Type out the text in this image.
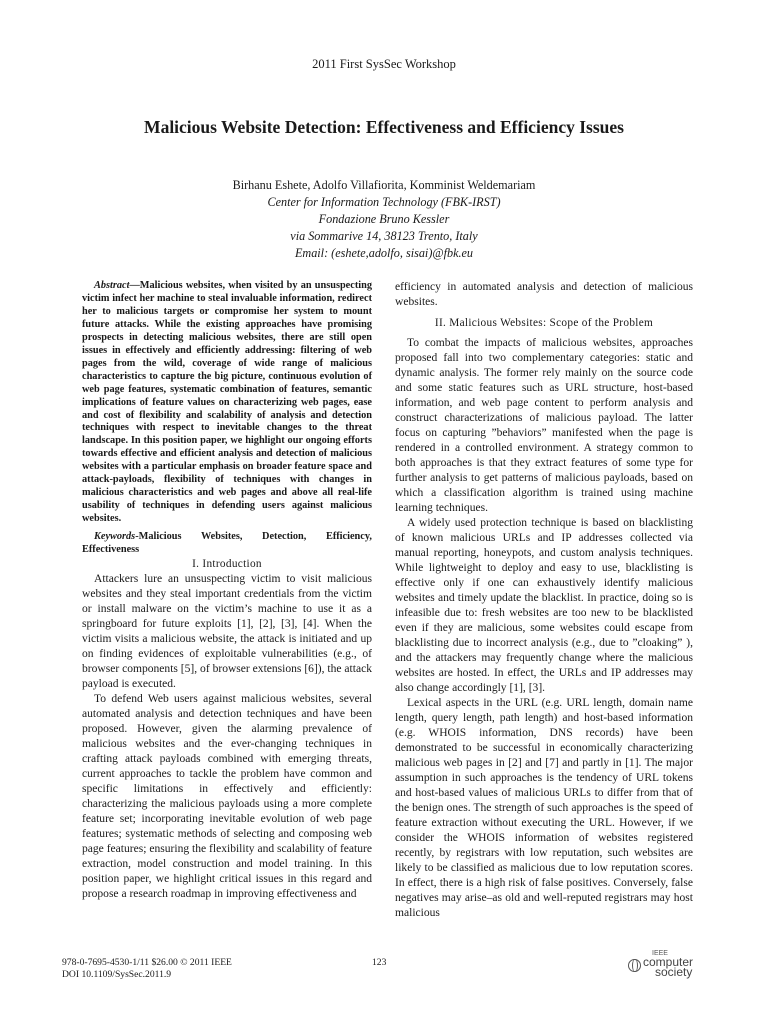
2011 First SysSec Workshop
Malicious Website Detection: Effectiveness and Efficiency Issues
Birhanu Eshete, Adolfo Villafiorita, Komminist Weldemariam
Center for Information Technology (FBK-IRST)
Fondazione Bruno Kessler
via Sommarive 14, 38123 Trento, Italy
Email: (eshete,adolfo, sisai)@fbk.eu

Abstract—Malicious websites, when visited by an unsuspecting victim infect her machine to steal invaluable information, redirect her to malicious targets or compromise her system to mount future attacks. While the existing approaches have promising prospects in detecting malicious websites, there are still open issues in effectively and efficiently addressing: filtering of web pages from the wild, coverage of wide range of malicious characteristics to capture the big picture, continuous evolution of web page features, systematic combination of features, semantic implications of feature values on characterizing web pages, ease and cost of flexibility and scalability of analysis and detection techniques with respect to inevitable changes to the threat landscape. In this position paper, we highlight our ongoing efforts towards effective and efficient analysis and detection of malicious websites with a particular emphasis on broader feature space and attack-payloads, flexibility of techniques with changes in malicious characteristics and web pages and above all real-life usability of techniques in defending users against malicious websites.

Keywords-Malicious Websites, Detection, Efficiency, Effectiveness

I. Introduction

Attackers lure an unsuspecting victim to visit malicious websites and they steal important credentials from the victim or install malware on the victim’s machine to use it as a springboard for future exploits [1], [2], [3], [4]. When the victim visits a malicious website, the attack is initiated and up on finding evidences of exploitable vulnerabilities (e.g., of browser components [5], of browser extensions [6]), the attack payload is executed.

To defend Web users against malicious websites, several automated analysis and detection techniques and have been proposed. However, given the alarming prevalence of malicious websites and the ever-changing techniques in crafting attack payloads combined with emerging threats, current approaches to tackle the problem have common and specific limitations in effectively and efficiently: characterizing the malicious payloads using a more complete feature set; incorporating inevitable evolution of web page features; systematic methods of selecting and composing web page features; ensuring the flexibility and scalability of feature extraction, model construction and model training. In this position paper, we highlight critical issues in this regard and propose a research roadmap in improving effectiveness and

efficiency in automated analysis and detection of malicious websites.

II. Malicious Websites: Scope of the Problem

To combat the impacts of malicious websites, approaches proposed fall into two complementary categories: static and dynamic analysis. The former rely mainly on the source code and some static features such as URL structure, host-based information, and web page content to perform analysis and construct characterizations of malicious payload. The latter focus on capturing ”behaviors” manifested when the page is rendered in a controlled environment. A strategy common to both approaches is that they extract features of some type for further analysis to get patterns of malicious payloads, based on which a classification algorithm is trained using machine learning techniques.

A widely used protection technique is based on blacklisting of known malicious URLs and IP addresses collected via manual reporting, honeypots, and custom analysis techniques. While lightweight to deploy and easy to use, blacklisting is effective only if one can exhaustively identify malicious websites and timely update the blacklist. In practice, doing so is infeasible due to: fresh websites are too new to be blacklisted even if they are malicious, some websites could escape from blacklisting due to incorrect analysis (e.g., due to ”cloaking” ), and the attackers may frequently change where the malicious websites are hosted. In effect, the URLs and IP addresses may also change accordingly [1], [3].

Lexical aspects in the URL (e.g. URL length, domain name length, query length, path length) and host-based information (e.g. WHOIS information, DNS records) have been demonstrated to be successful in economically characterizing malicious web pages in [2] and [7] and partly in [1]. The major assumption in such approaches is the tendency of URL tokens and host-based values of malicious URLs to differ from that of the benign ones. The strength of such approaches is the speed of feature extraction without executing the URL. However, if we consider the WHOIS information of websites registered recently, by registrars with low reputation, such websites are likely to be classified as malicious due to low reputation scores. In effect, there is a high risk of false positives. Conversely, false negatives may arise–as old and well-reputed registrars may host malicious

978-0-7695-4530-1/11 $26.00 © 2011 IEEE
DOI 10.1109/SysSec.2011.9
123
IEEE
computer
society
